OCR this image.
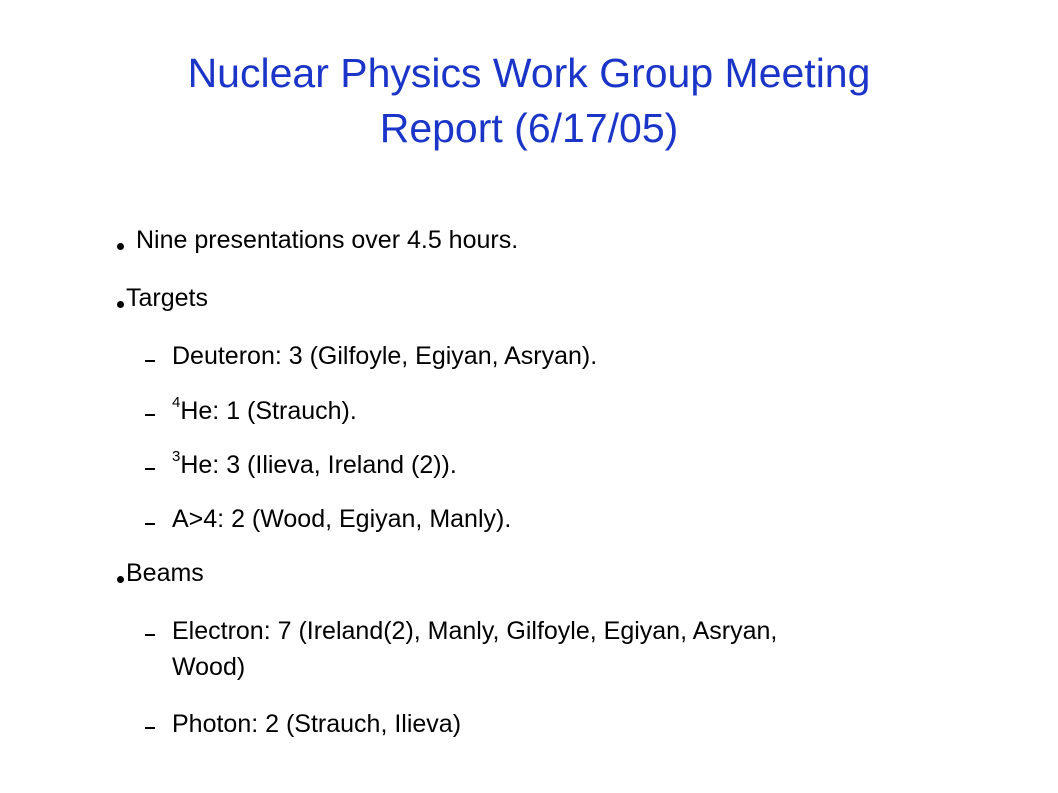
Nuclear Physics Work Group Meeting
Report (6/17/05)
Nine presentations over 4.5 hours.
Targets
Deuteron: 3 (Gilfoyle, Egiyan, Asryan).
$^4$He: 1 (Strauch).
$^3$He: 3 (Ilieva, Ireland (2)).
A>4: 2 (Wood, Egiyan, Manly).
Beams
Electron: 7 (Ireland(2), Manly, Gilfoyle, Egiyan, Asryan,
Wood)
Photon: 2 (Strauch, Ilieva)
